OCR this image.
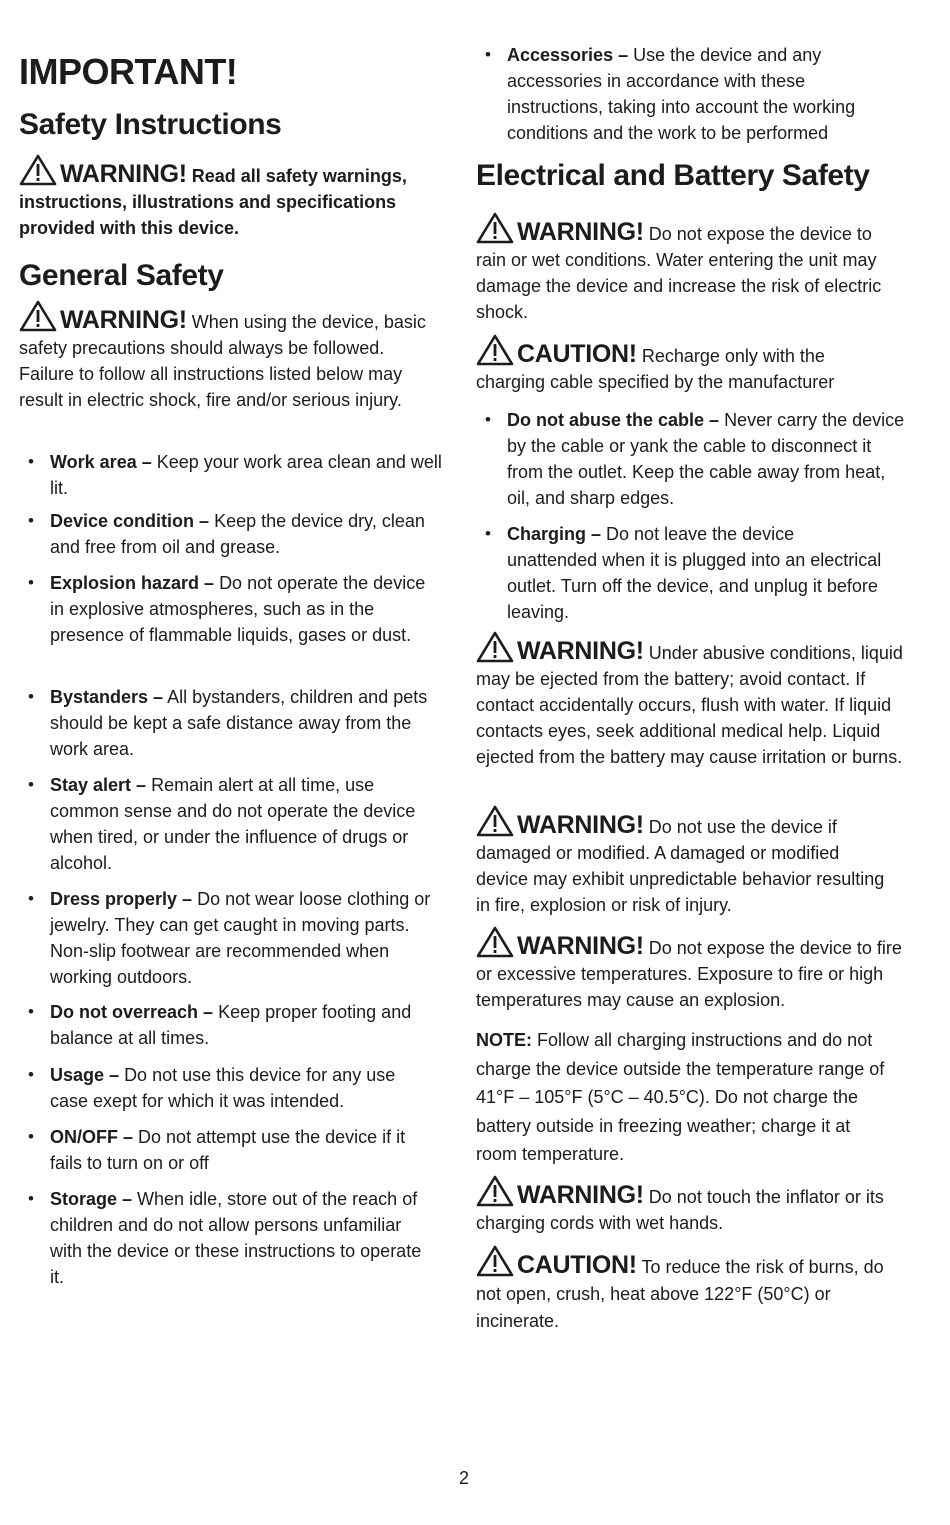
IMPORTANT!
Safety Instructions
WARNING! Read all safety warnings, instructions, illustrations and specifications provided with this device.
General Safety
WARNING! When using the device, basic safety precautions should always be followed. Failure to follow all instructions listed below may result in electric shock, fire and/or serious injury.
• Work area – Keep your work area clean and well lit.
• Device condition – Keep the device dry, clean and free from oil and grease.
• Explosion hazard – Do not operate the device in explosive atmospheres, such as in the presence of flammable liquids, gases or dust.
• Bystanders – All bystanders, children and pets should be kept a safe distance away from the work area.
• Stay alert – Remain alert at all time, use common sense and do not operate the device when tired, or under the influence of drugs or alcohol.
• Dress properly – Do not wear loose clothing or jewelry. They can get caught in moving parts. Non-slip footwear are recommended when working outdoors.
• Do not overreach – Keep proper footing and balance at all times.
• Usage – Do not use this device for any use case exept for which it was intended.
• ON/OFF – Do not attempt use the device if it fails to turn on or off
• Storage – When idle, store out of the reach of children and do not allow persons unfamiliar with the device or these instructions to operate it.
• Accessories – Use the device and any accessories in accordance with these instructions, taking into account the working conditions and the work to be performed
Electrical and Battery Safety
WARNING! Do not expose the device to rain or wet conditions. Water entering the unit may damage the device and increase the risk of electric shock.
CAUTION! Recharge only with the charging cable specified by the manufacturer
• Do not abuse the cable – Never carry the device by the cable or yank the cable to disconnect it from the outlet. Keep the cable away from heat, oil, and sharp edges.
• Charging – Do not leave the device unattended when it is plugged into an electrical outlet. Turn off the device, and unplug it before leaving.
WARNING! Under abusive conditions, liquid may be ejected from the battery; avoid contact. If contact accidentally occurs, flush with water. If liquid contacts eyes, seek additional medical help. Liquid ejected from the battery may cause irritation or burns.
WARNING! Do not use the device if damaged or modified. A damaged or modified device may exhibit unpredictable behavior resulting in fire, explosion or risk of injury.
WARNING! Do not expose the device to fire or excessive temperatures. Exposure to fire or high temperatures may cause an explosion.
NOTE: Follow all charging instructions and do not charge the device outside the temperature range of 41°F – 105°F (5°C – 40.5°C). Do not charge the battery outside in freezing weather; charge it at room temperature.
WARNING! Do not touch the inflator or its charging cords with wet hands.
CAUTION! To reduce the risk of burns, do not open, crush, heat above 122°F (50°C) or incinerate.
2
